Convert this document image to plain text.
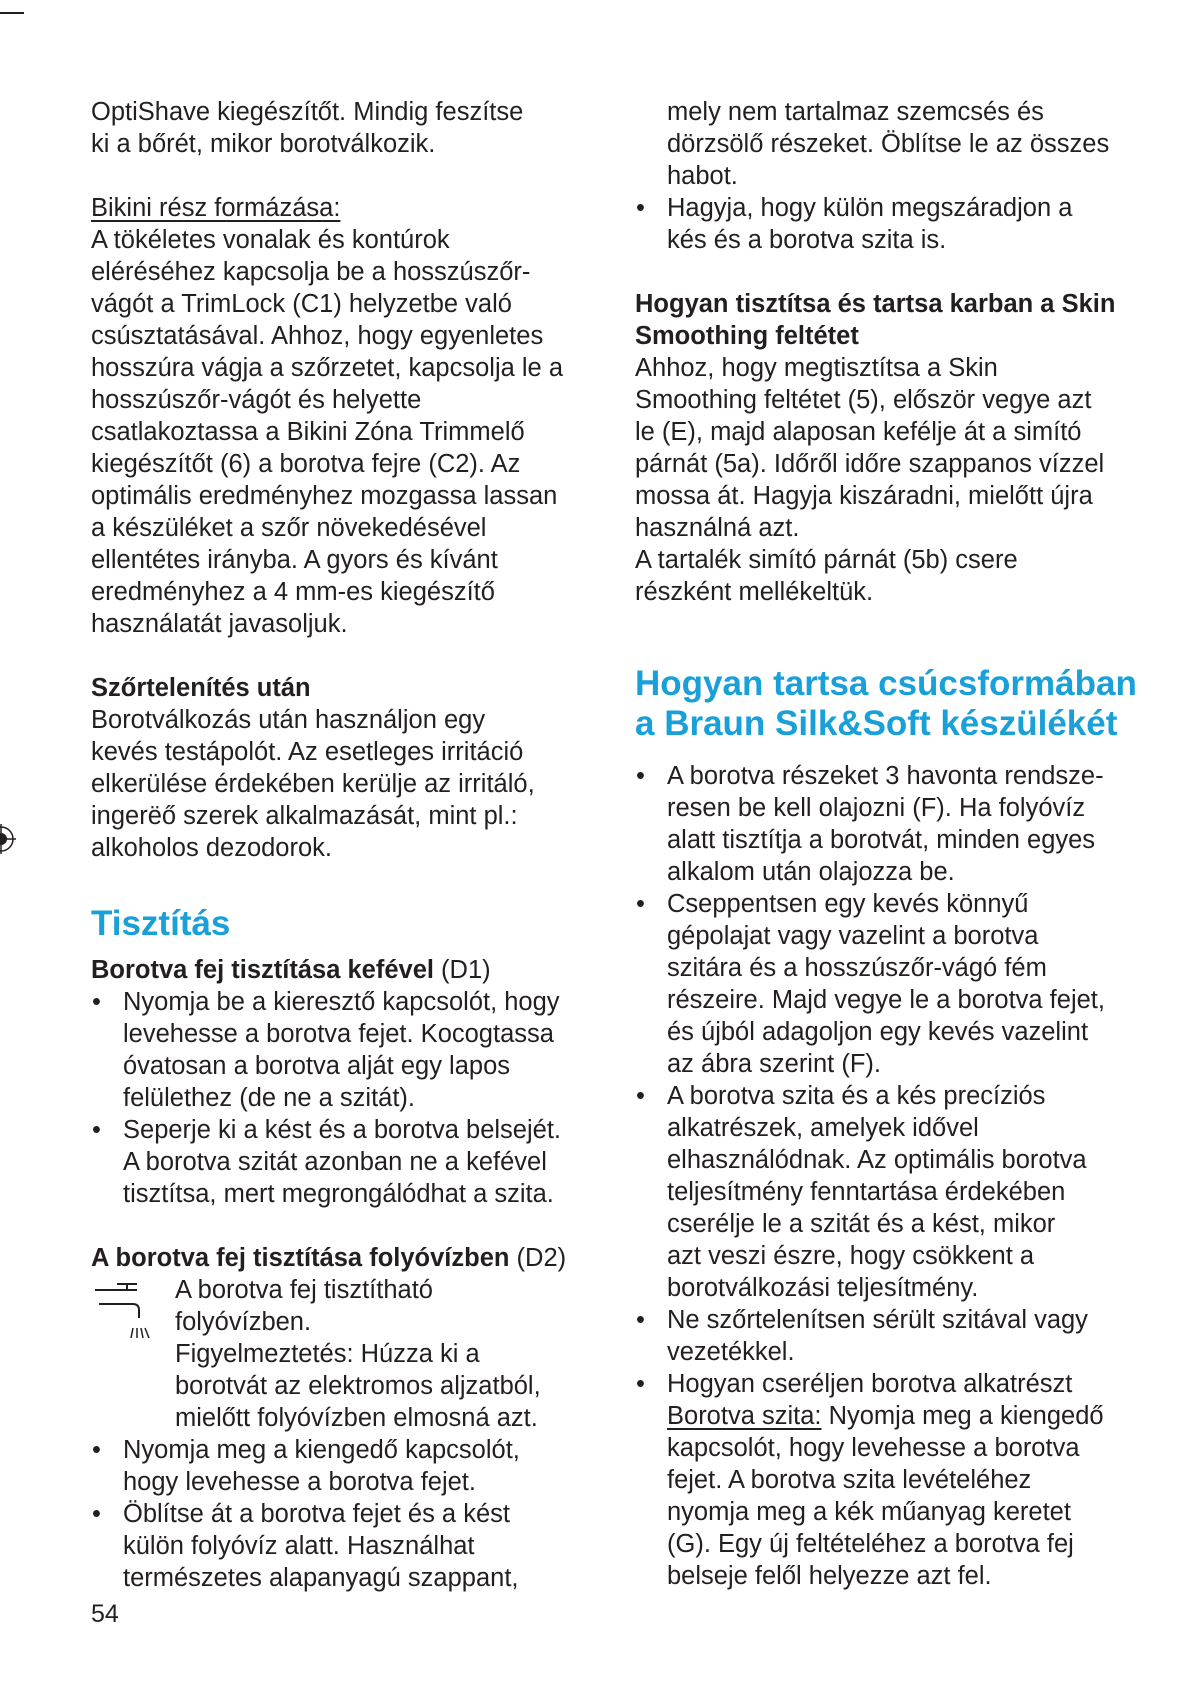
OptiShave kiegészítőt. Mindig feszítse

ki a bőrét, mikor borotválkozik.

Bikini rész formázása:

A tökéletes vonalak és kontúrok

eléréséhez kapcsolja be a hosszúszőr-

vágót a TrimLock (C1) helyzetbe való

csúsztatásával. Ahhoz, hogy egyenletes

hosszúra vágja a szőrzetet, kapcsolja le a

hosszúszőr-vágót és helyette

csatlakoztassa a Bikini Zóna Trimmelő

kiegészítőt (6) a borotva fejre (C2). Az

optimális eredményhez mozgassa lassan

a készüléket a szőr növekedésével

ellentétes irányba. A gyors és kívánt

eredményhez a 4 mm-es kiegészítő

használatát javasoljuk.

Szőrtelenítés után

Borotválkozás után használjon egy

kevés testápolót. Az esetleges irritáció

elkerülése érdekében kerülje az irritáló,

ingerëő szerek alkalmazását, mint pl.:

alkoholos dezodorok.

Tisztítás

Borotva fej tisztítása kefével (D1)

• Nyomja be a kieresztő kapcsolót, hogy

levehesse a borotva fejet. Kocogtassa

óvatosan a borotva alját egy lapos

felülethez (de ne a szitát).

• Seperje ki a kést és a borotva belsejét.

A borotva szitát azonban ne a kefével

tisztítsa, mert megrongálódhat a szita.

A borotva fej tisztítása folyóvízben (D2)

A borotva fej tisztítható

folyóvízben.

Figyelmeztetés: Húzza ki a

borotvát az elektromos aljzatból,

mielőtt folyóvízben elmosná azt.

• Nyomja meg a kiengedő kapcsolót,

hogy levehesse a borotva fejet.

• Öblítse át a borotva fejet és a kést

külön folyóvíz alatt. Használhat

természetes alapanyagú szappant,

54

mely nem tartalmaz szemcsés és

dörzsölő részeket. Öblítse le az összes

habot.

• Hagyja, hogy külön megszáradjon a

kés és a borotva szita is.

Hogyan tisztítsa és tartsa karban a Skin

Smoothing feltétet

Ahhoz, hogy megtisztítsa a Skin

Smoothing feltétet (5), először vegye azt

le (E), majd alaposan kefélje át a simító

párnát (5a). Időről időre szappanos vízzel

mossa át. Hagyja kiszáradni, mielőtt újra

használná azt.

A tartalék simító párnát (5b) csere

részként mellékeltük.

Hogyan tartsa csúcsformában
a Braun Silk&Soft készülékét
• A borotva részeket 3 havonta rendsze-

resen be kell olajozni (F). Ha folyóvíz

alatt tisztítja a borotvát, minden egyes

alkalom után olajozza be.

• Cseppentsen egy kevés könnyű

gépolajat vagy vazelint a borotva

szitára és a hosszúszőr-vágó fém

részeire. Majd vegye le a borotva fejet,

és újból adagoljon egy kevés vazelint

az ábra szerint (F).

• A borotva szita és a kés precíziós

alkatrészek, amelyek idővel

elhasználódnak. Az optimális borotva

teljesítmény fenntartása érdekében

cserélje le a szitát és a kést, mikor

azt veszi észre, hogy csökkent a

borotválkozási teljesítmény.

• Ne szőrtelenítsen sérült szitával vagy

vezetékkel.

• Hogyan cseréljen borotva alkatrészt

Borotva szita: Nyomja meg a kiengedő

kapcsolót, hogy levehesse a borotva

fejet. A borotva szita levételéhez

nyomja meg a kék műanyag keretet

(G). Egy új feltételéhez a borotva fej

belseje felől helyezze azt fel.
